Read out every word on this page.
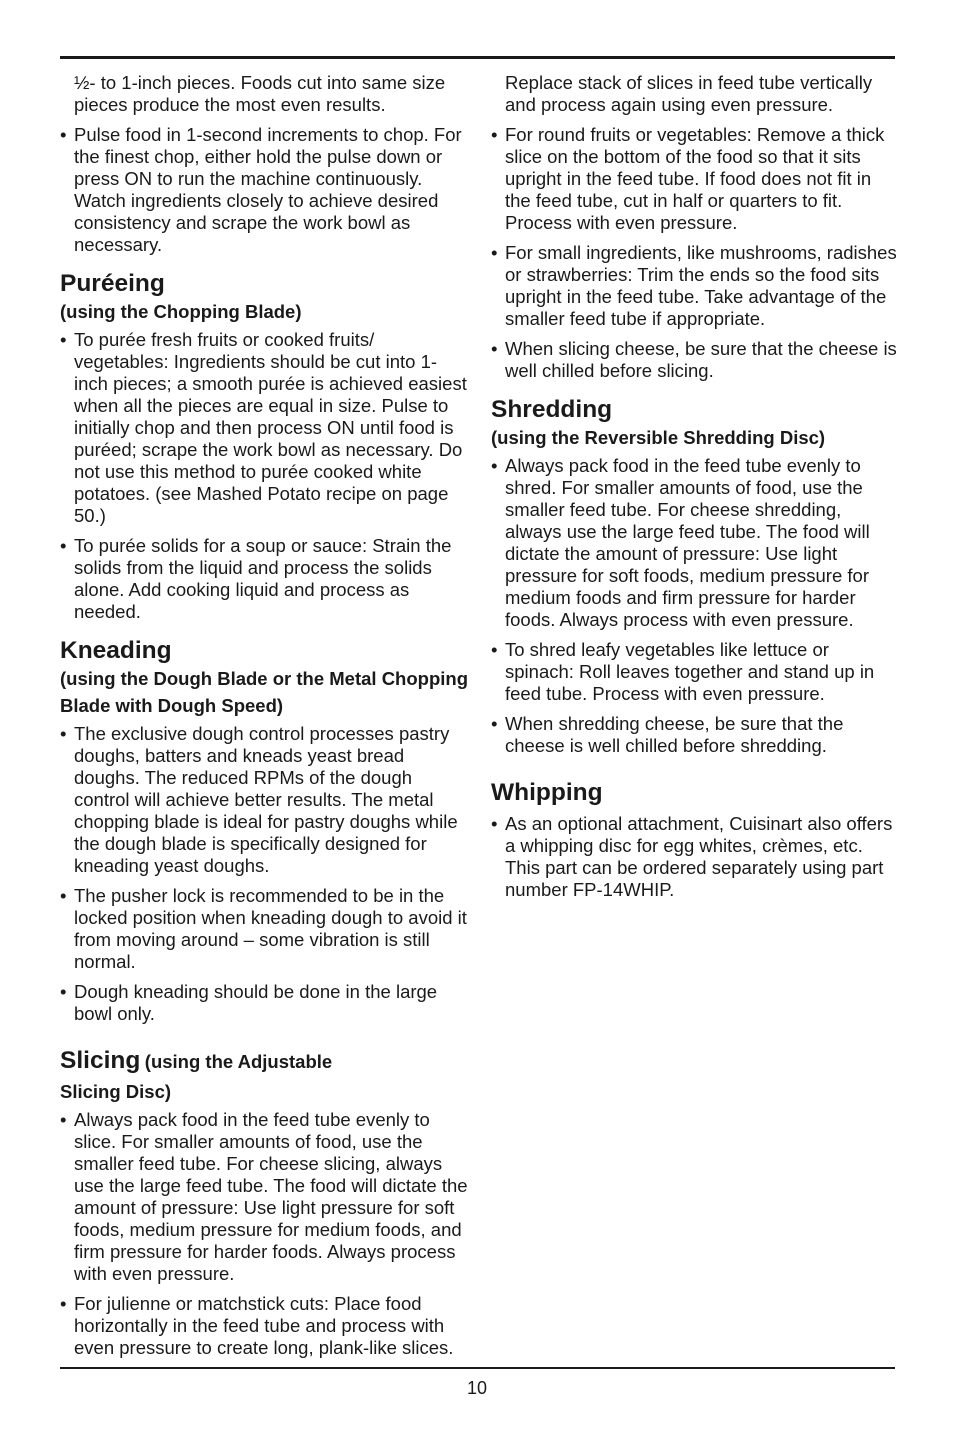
½- to 1-inch pieces. Foods cut into same size pieces produce the most even results.

• Pulse food in 1-second increments to chop. For the finest chop, either hold the pulse down or press ON to run the machine continuously. Watch ingredients closely to achieve desired consistency and scrape the work bowl as necessary.
Puréeing
(using the Chopping Blade)
• To purée fresh fruits or cooked fruits/ vegetables: Ingredients should be cut into 1-inch pieces; a smooth purée is achieved easiest when all the pieces are equal in size. Pulse to initially chop and then process ON until food is puréed; scrape the work bowl as necessary. Do not use this method to purée cooked white potatoes. (see Mashed Potato recipe on page 50.)
• To purée solids for a soup or sauce: Strain the solids from the liquid and process the solids alone. Add cooking liquid and process as needed.
Kneading
(using the Dough Blade or the Metal Chopping Blade with Dough Speed)
• The exclusive dough control processes pastry doughs, batters and kneads yeast bread doughs. The reduced RPMs of the dough control will achieve better results. The metal chopping blade is ideal for pastry doughs while the dough blade is specifically designed for kneading yeast doughs.
• The pusher lock is recommended to be in the locked position when kneading dough to avoid it from moving around – some vibration is still normal.
• Dough kneading should be done in the large bowl only.
Slicing (using the Adjustable
Slicing Disc)
• Always pack food in the feed tube evenly to slice. For smaller amounts of food, use the smaller feed tube. For cheese slicing, always use the large feed tube. The food will dictate the amount of pressure: Use light pressure for soft foods, medium pressure for medium foods, and firm pressure for harder foods. Always process with even pressure.
• For julienne or matchstick cuts: Place food horizontally in the feed tube and process with even pressure to create long, plank-like slices.

Replace stack of slices in feed tube vertically and process again using even pressure.

• For round fruits or vegetables: Remove a thick slice on the bottom of the food so that it sits upright in the feed tube. If food does not fit in the feed tube, cut in half or quarters to fit. Process with even pressure.
• For small ingredients, like mushrooms, radishes or strawberries: Trim the ends so the food sits upright in the feed tube. Take advantage of the smaller feed tube if appropriate.
• When slicing cheese, be sure that the cheese is well chilled before slicing.
Shredding
(using the Reversible Shredding Disc)
• Always pack food in the feed tube evenly to shred. For smaller amounts of food, use the smaller feed tube. For cheese shredding, always use the large feed tube. The food will dictate the amount of pressure: Use light pressure for soft foods, medium pressure for medium foods and firm pressure for harder foods. Always process with even pressure.
• To shred leafy vegetables like lettuce or spinach: Roll leaves together and stand up in feed tube. Process with even pressure.
• When shredding cheese, be sure that the cheese is well chilled before shredding.
Whipping
• As an optional attachment, Cuisinart also offers a whipping disc for egg whites, crèmes, etc. This part can be ordered separately using part number FP-14WHIP.
10
